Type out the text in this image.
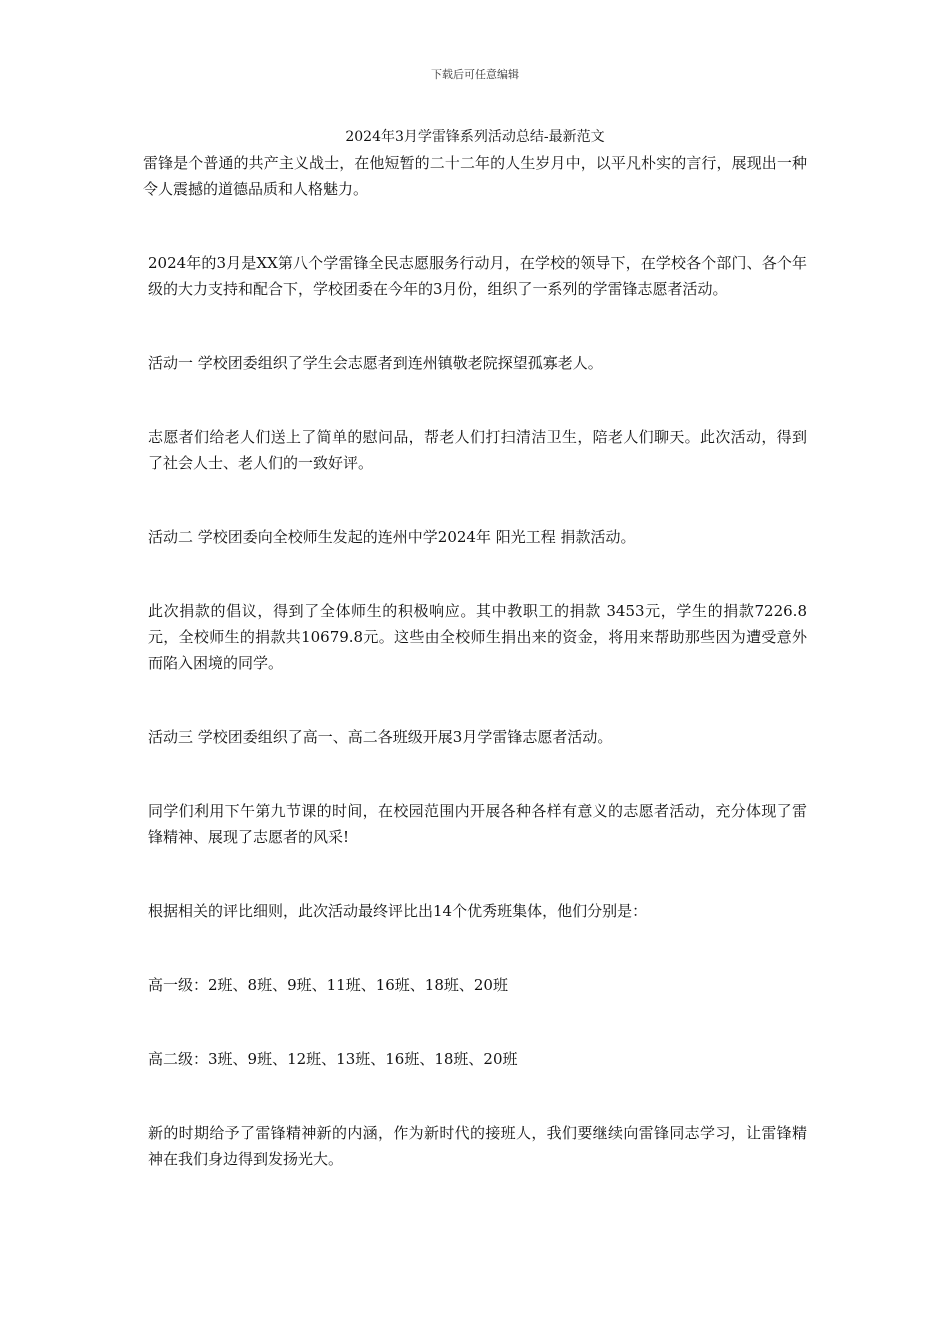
下载后可任意编辑
2024年3月学雷锋系列活动总结-最新范文

雷锋是个普通的共产主义战士，在他短暂的二十二年的人生岁月中，以平凡朴实的言行，展现出一种令人震撼的道德品质和人格魅力。

2024年的3月是XX第八个学雷锋全民志愿服务行动月，在学校的领导下，在学校各个部门、各个年级的大力支持和配合下，学校团委在今年的3月份，组织了一系列的学雷锋志愿者活动。

活动一 学校团委组织了学生会志愿者到连州镇敬老院探望孤寡老人。

志愿者们给老人们送上了简单的慰问品，帮老人们打扫清洁卫生，陪老人们聊天。此次活动，得到了社会人士、老人们的一致好评。

活动二 学校团委向全校师生发起的连州中学2024年 阳光工程 捐款活动。

此次捐款的倡议，得到了全体师生的积极响应。其中教职工的捐款 3453元，学生的捐款7226.8元，全校师生的捐款共10679.8元。这些由全校师生捐出来的资金，将用来帮助那些因为遭受意外而陷入困境的同学。

活动三 学校团委组织了高一、高二各班级开展3月学雷锋志愿者活动。

同学们利用下午第九节课的时间，在校园范围内开展各种各样有意义的志愿者活动，充分体现了雷锋精神、展现了志愿者的风采!

根据相关的评比细则，此次活动最终评比出14个优秀班集体，他们分别是：

高一级：2班、8班、9班、11班、16班、18班、20班

高二级：3班、9班、12班、13班、16班、18班、20班

新的时期给予了雷锋精神新的内涵，作为新时代的接班人，我们要继续向雷锋同志学习，让雷锋精神在我们身边得到发扬光大。
